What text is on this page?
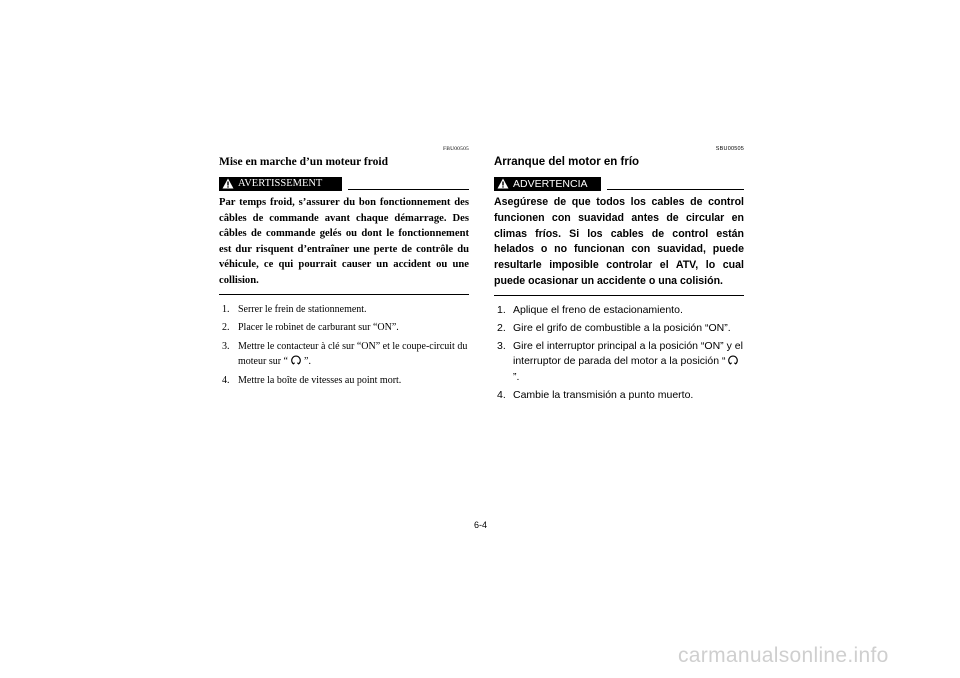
FBU00505
Mise en marche d’un moteur froid
AVERTISSEMENT
Par temps froid, s’assurer du bon fonctionnement des câbles de commande avant chaque démarrage. Des câbles de commande gelés ou dont le fonctionnement est dur risquent d’entraîner une perte de contrôle du véhicule, ce qui pourrait causer un accident ou une collision.
1. Serrer le frein de stationnement.
2. Placer le robinet de carburant sur “ON”.
3. Mettre le contacteur à clé sur “ON” et le coupe-circuit du moteur sur “ ”.
4. Mettre la boîte de vitesses au point mort.
SBU00505
Arranque del motor en frío
ADVERTENCIA
Asegúrese de que todos los cables de control funcionen con suavidad antes de circular en climas fríos. Si los cables de control están helados o no funcionan con suavidad, puede resultarle imposible controlar el ATV, lo cual puede ocasionar un accidente o una colisión.
1. Aplique el freno de estacionamiento.
2. Gire el grifo de combustible a la posición “ON”.
3. Gire el interruptor principal a la posición “ON” y el interruptor de parada del motor a la posición “”.
4. Cambie la transmisión a punto muerto.
6-4
carmanualsonline.info
